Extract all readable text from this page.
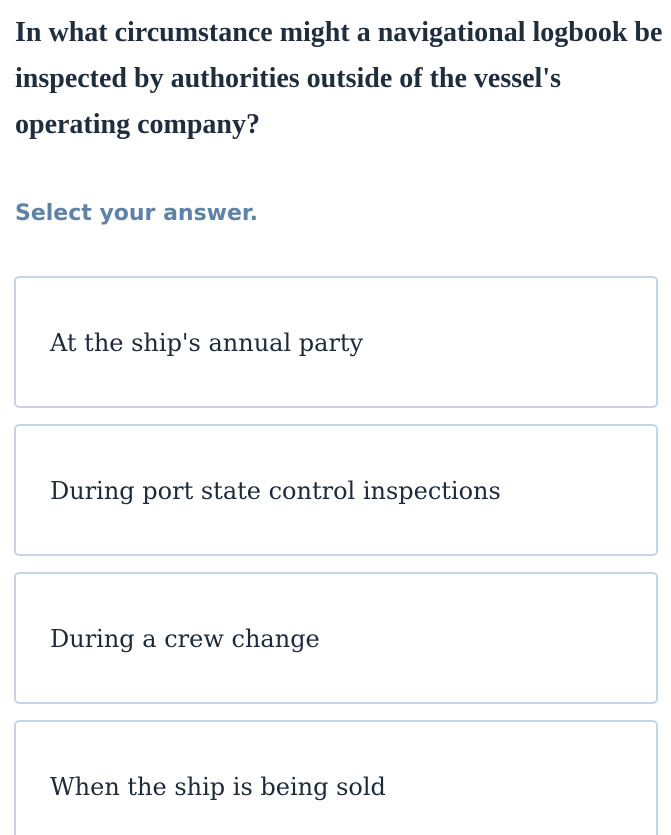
In what circumstance might a navigational logbook be inspected by authorities outside of the vessel's operating company?

Select your answer.

At the ship's annual party
During port state control inspections
During a crew change
When the ship is being sold
